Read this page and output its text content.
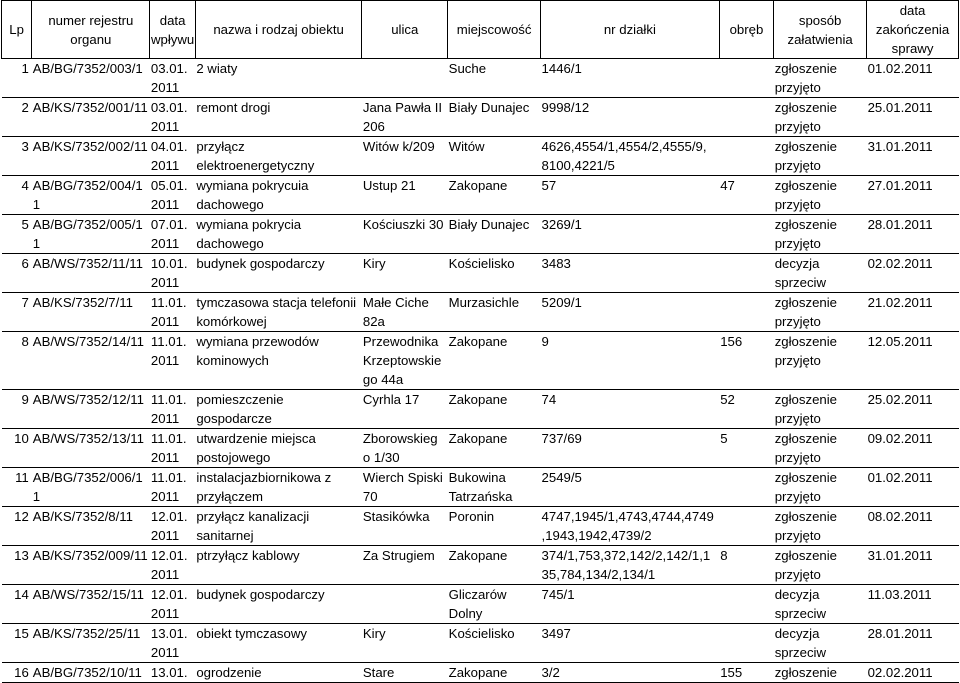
Lp	numer rejestru organu	data wpływu	nazwa i rodzaj obiektu	ulica	miejscowość	nr działki	obręb	sposób załatwienia	data zakończenia sprawy
1	AB/BG/7352/003/1	03.01. 2011	2 wiaty		Suche	1446/1		zgłoszenie przyjęto	01.02.2011
2	AB/KS/7352/001/11	03.01. 2011	remont drogi	Jana Pawła II 206	Biały Dunajec	9998/12		zgłoszenie przyjęto	25.01.2011
3	AB/KS/7352/002/11	04.01. 2011	przyłącz elektroenergetyczny	Witów k/209	Witów	4626,4554/1,4554/2,4555/9, 8100,4221/5		zgłoszenie przyjęto	31.01.2011
4	AB/BG/7352/004/1 1	05.01. 2011	wymiana pokrycuia dachowego	Ustup 21	Zakopane	57	47	zgłoszenie przyjęto	27.01.2011
5	AB/BG/7352/005/1 1	07.01. 2011	wymiana pokrycia dachowego	Kościuszki 30	Biały Dunajec	3269/1		zgłoszenie przyjęto	28.01.2011
6	AB/WS/7352/11/11	10.01. 2011	budynek gospodarczy	Kiry	Kościelisko	3483		decyzja sprzeciw	02.02.2011
7	AB/KS/7352/7/11	11.01. 2011	tymczasowa stacja telefonii komórkowej	Małe Ciche 82a	Murzasichle	5209/1		zgłoszenie przyjęto	21.02.2011
8	AB/WS/7352/14/11	11.01. 2011	wymiana przewodów kominowych	Przewodnika Krzeptowskie go 44a	Zakopane	9	156	zgłoszenie przyjęto	12.05.2011
9	AB/WS/7352/12/11	11.01. 2011	pomieszczenie gospodarcze	Cyrhla 17	Zakopane	74	52	zgłoszenie przyjęto	25.02.2011
10	AB/WS/7352/13/11	11.01. 2011	utwardzenie miejsca postojowego	Zborowskieg o 1/30	Zakopane	737/69	5	zgłoszenie przyjęto	09.02.2011
11	AB/BG/7352/006/1 1	11.01. 2011	instalacjazbiornikowa z przyłączem	Wierch Spiski 70	Bukowina Tatrzańska	2549/5		zgłoszenie przyjęto	01.02.2011
12	AB/KS/7352/8/11	12.01. 2011	przyłącz kanalizacji sanitarnej	Stasikówka	Poronin	4747,1945/1,4743,4744,4749 ,1943,1942,4739/2		zgłoszenie przyjęto	08.02.2011
13	AB/KS/7352/009/11	12.01. 2011	ptrzyłącz kablowy	Za Strugiem	Zakopane	374/1,753,372,142/2,142/1,1 35,784,134/2,134/1	8	zgłoszenie przyjęto	31.01.2011
14	AB/WS/7352/15/11	12.01. 2011	budynek gospodarczy		Gliczarów Dolny	745/1		decyzja sprzeciw	11.03.2011
15	AB/KS/7352/25/11	13.01. 2011	obiekt tymczasowy	Kiry	Kościelisko	3497		decyzja sprzeciw	28.01.2011
16	AB/BG/7352/10/11	13.01.	ogrodzenie	Stare	Zakopane	3/2	155	zgłoszenie	02.02.2011
